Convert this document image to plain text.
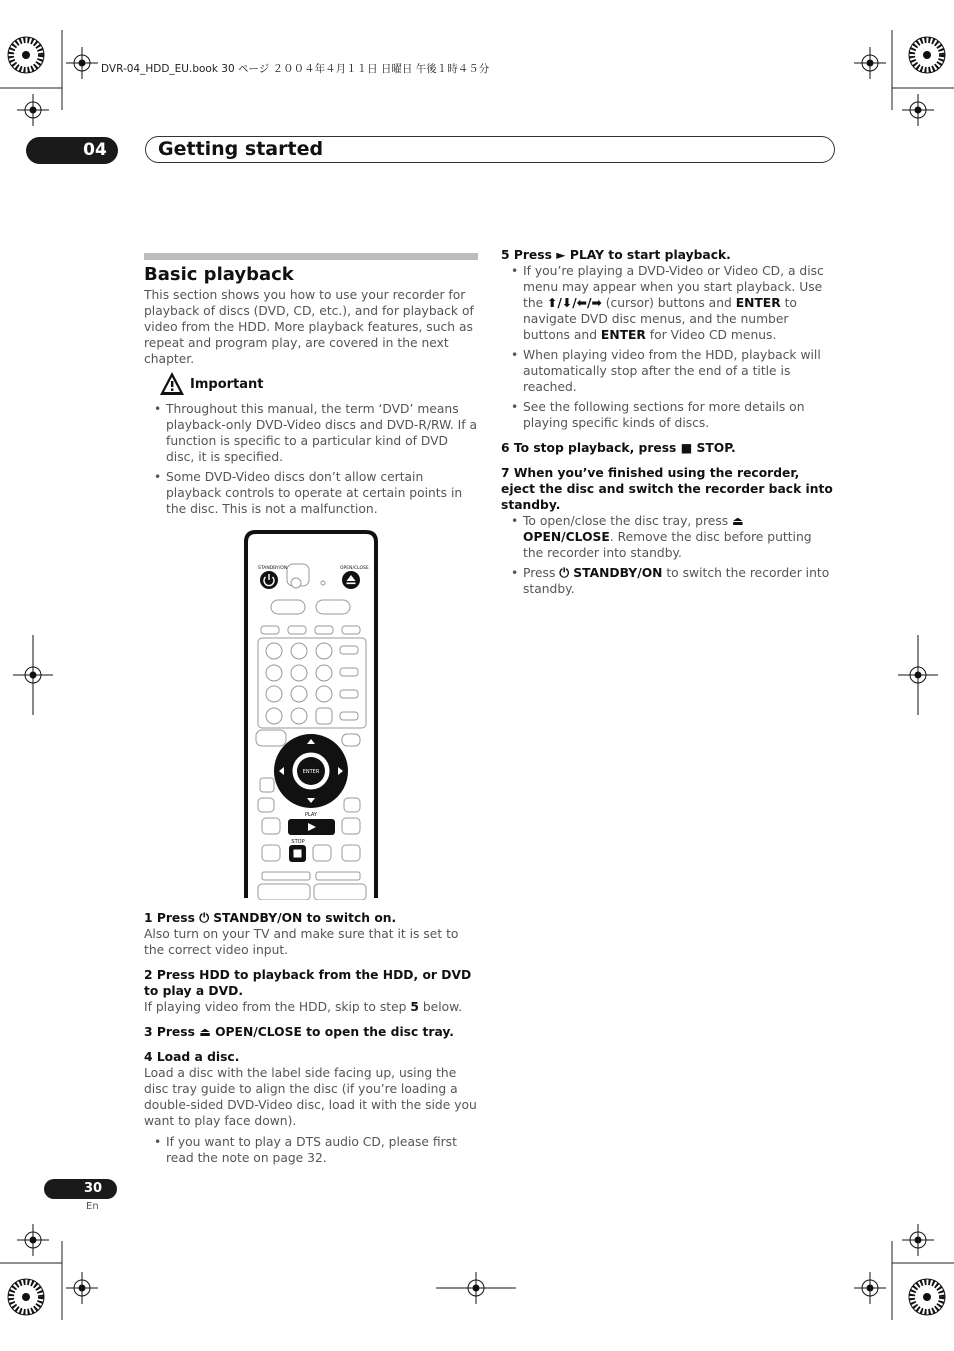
DVR-04_HDD_EU.book 30 ページ ２００４年４月１１日 日曜日 午後１時４５分
04	Getting started
Basic playback

This section shows you how to use your recorder for playback of discs (DVD, CD, etc.), and for playback of video from the HDD. More playback features, such as repeat and program play, are covered in the next chapter.

Important

• Throughout this manual, the term ‘DVD’ means playback-only DVD-Video discs and DVD-R/RW. If a function is specific to a particular kind of DVD disc, it is specified.

• Some DVD-Video discs don’t allow certain playback controls to operate at certain points in the disc. This is not a malfunction.

STANDBY/ON	OPEN/CLOSE
ENTER
PLAY
STOP

1 Press ⏻ STANDBY/ON to switch on.

Also turn on your TV and make sure that it is set to the correct video input.

2 Press HDD to playback from the HDD, or DVD to play a DVD.

If playing video from the HDD, skip to step 5 below.

3 Press ⏏ OPEN/CLOSE to open the disc tray.

4 Load a disc.

Load a disc with the label side facing up, using the disc tray guide to align the disc (if you’re loading a double-sided DVD-Video disc, load it with the side you want to play face down).

• If you want to play a DTS audio CD, please first read the note on page 32.

5 Press ► PLAY to start playback.

• If you’re playing a DVD-Video or Video CD, a disc menu may appear when you start playback. Use the ⬆/⬇/⬅/➡ (cursor) buttons and ENTER to navigate DVD disc menus, and the number buttons and ENTER for Video CD menus.

• When playing video from the HDD, playback will automatically stop after the end of a title is reached.

• See the following sections for more details on playing specific kinds of discs.

6 To stop playback, press ■ STOP.

7 When you’ve finished using the recorder, eject the disc and switch the recorder back into standby.

• To open/close the disc tray, press ⏏ OPEN/CLOSE. Remove the disc before putting the recorder into standby.

• Press ⏻ STANDBY/ON to switch the recorder into standby.

30
En
